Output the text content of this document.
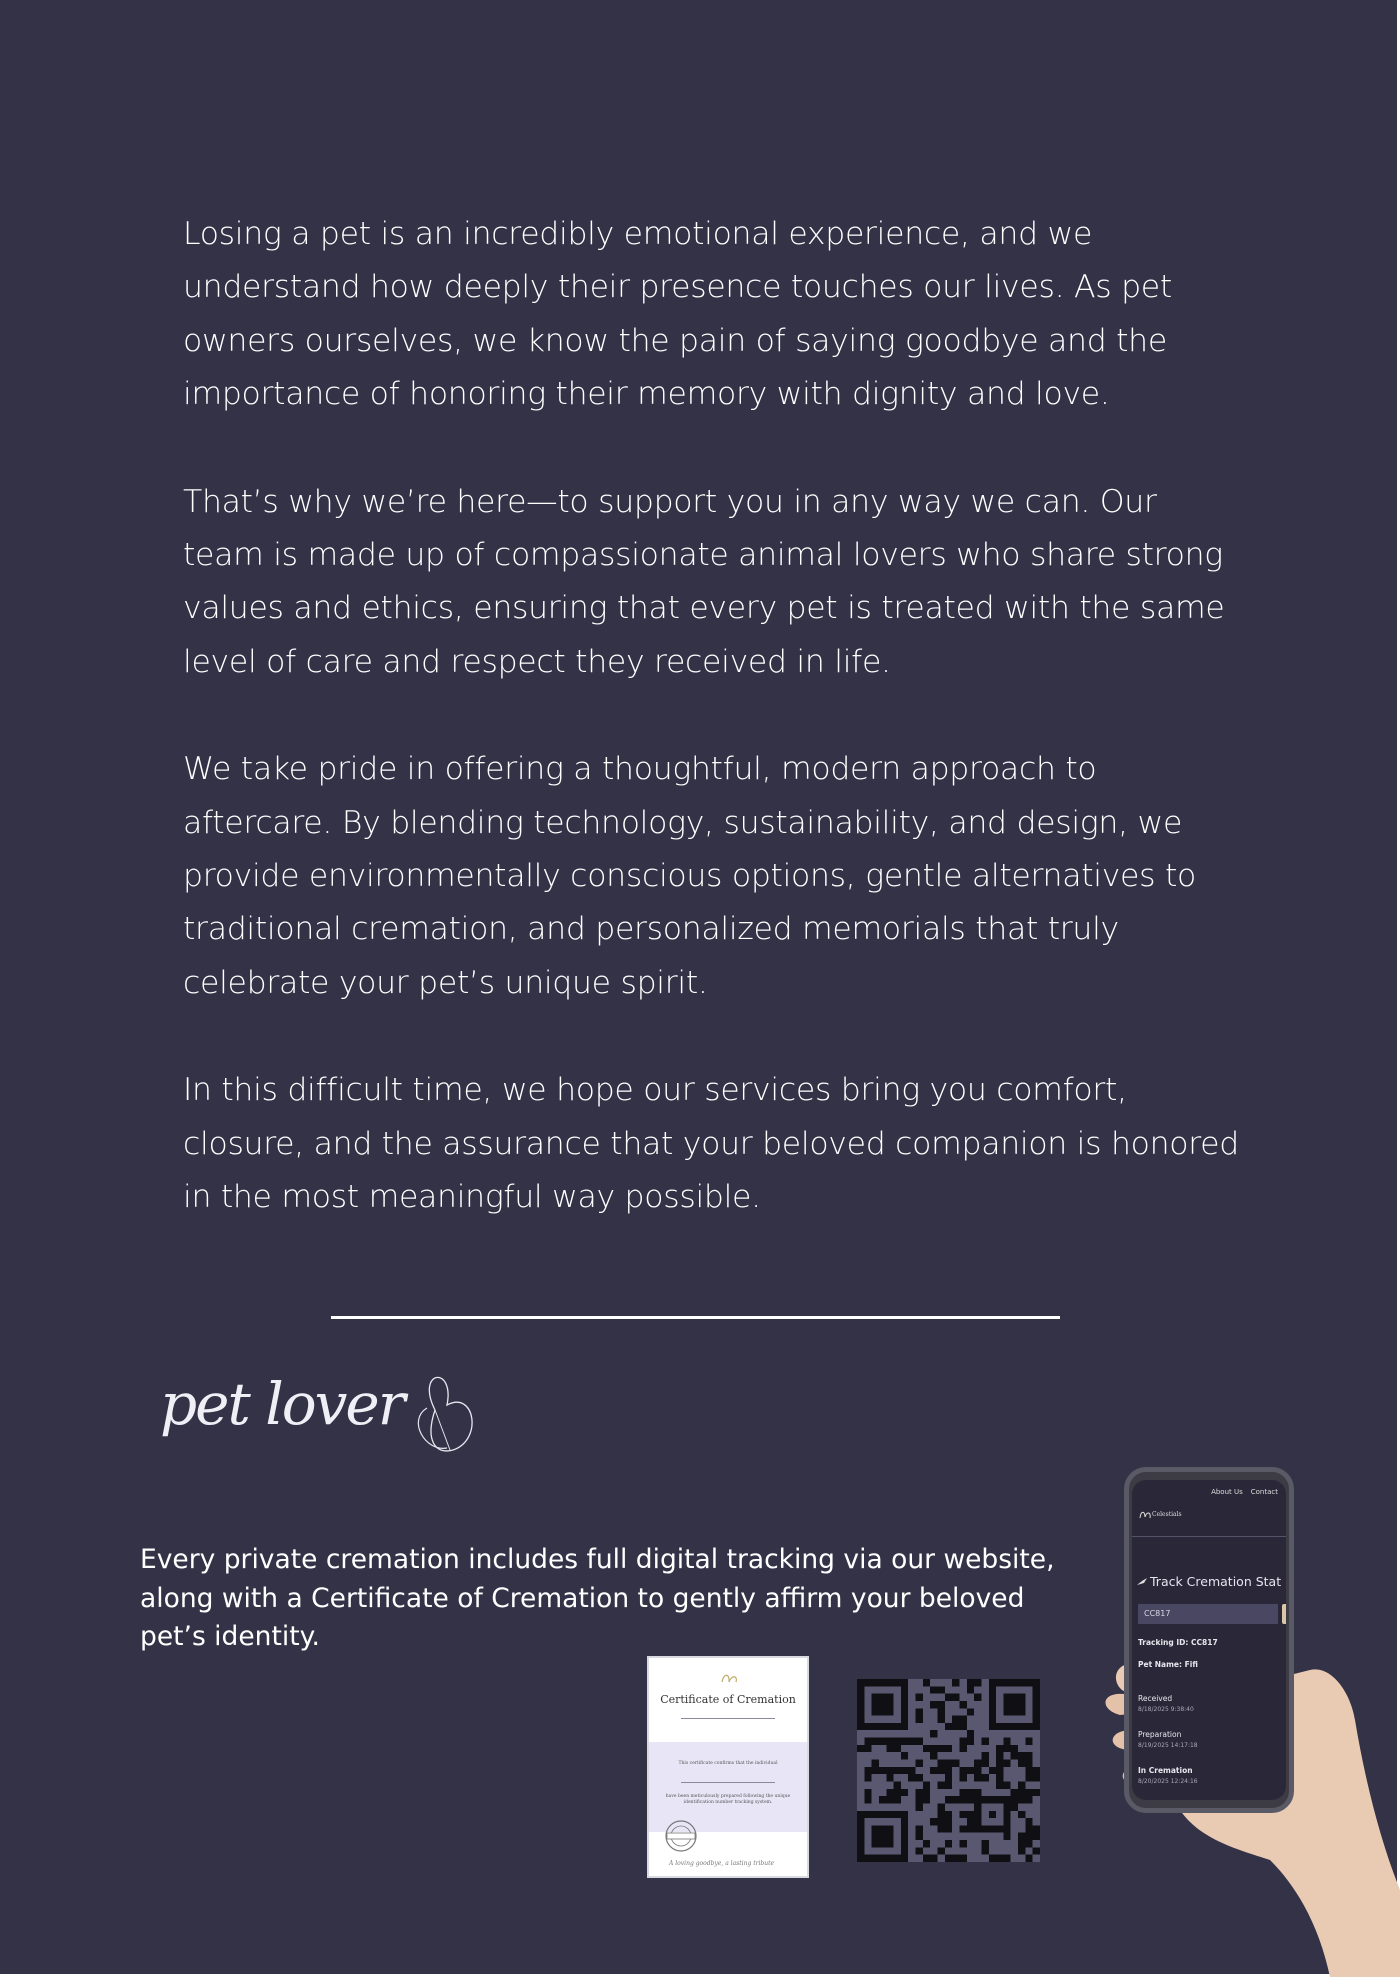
Losing a pet is an incredibly emotional experience, and we understand how deeply their presence touches our lives. As pet owners ourselves, we know the pain of saying goodbye and the importance of honoring their memory with dignity and love.

That’s why we’re here—to support you in any way we can. Our team is made up of compassionate animal lovers who share strong values and ethics, ensuring that every pet is treated with the same level of care and respect they received in life.

We take pride in offering a thoughtful, modern approach to aftercare. By blending technology, sustainability, and design, we provide environmentally conscious options, gentle alternatives to traditional cremation, and personalized memorials that truly celebrate your pet’s unique spirit.

In this difficult time, we hope our services bring you comfort, closure, and the assurance that your beloved companion is honored in the most meaningful way possible.

pet lover
Every private cremation includes full digital tracking via our website, along with a Certificate of Cremation to gently affirm your beloved pet’s identity.
Certificate of Cremation
This certificate confirms that the individual
have been meticulously prepared following the unique identification number tracking system.
A loving goodbye, a lasting tribute
About Us Contact
Celestials
Track Cremation Stat
CC817
Tracking ID: CC817
Pet Name: Fifi
Received
8/18/2025 9:38:40
Preparation
8/19/2025 14:17:18
In Cremation
8/20/2025 12:24:16
